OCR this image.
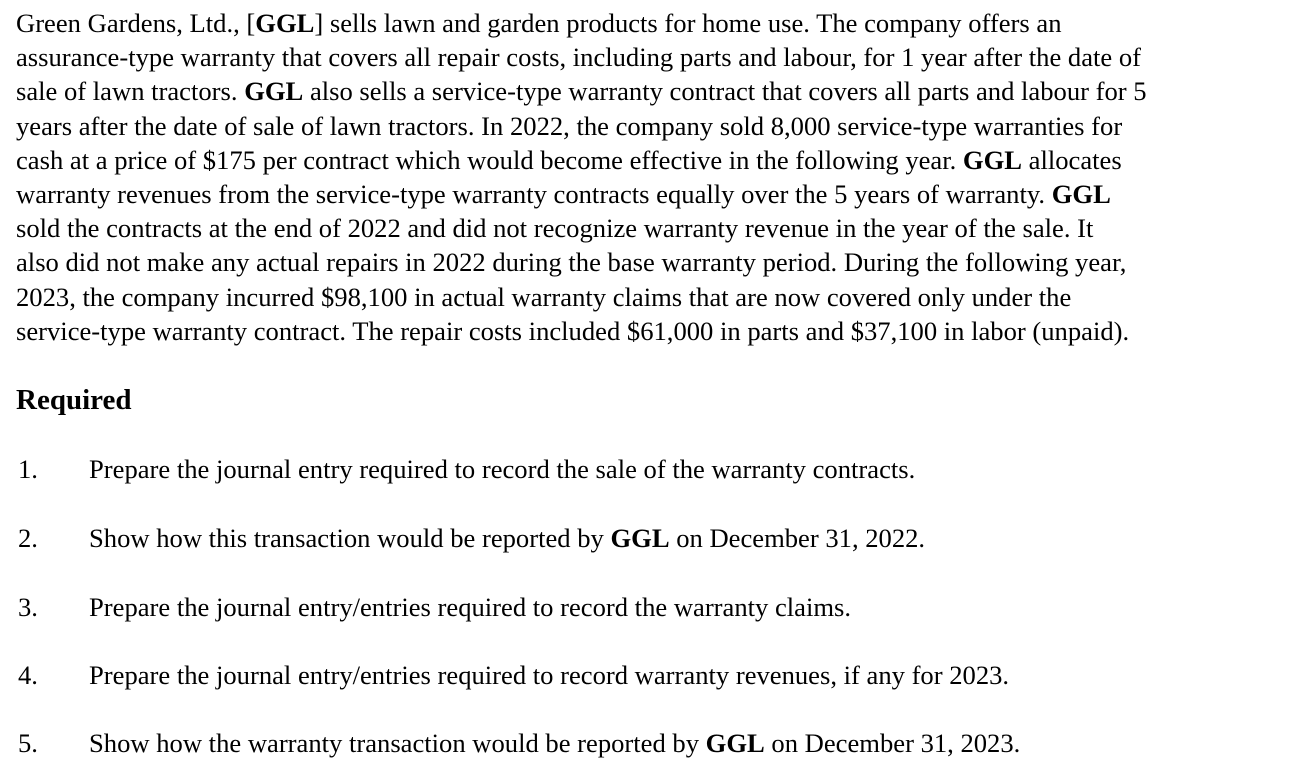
Green Gardens, Ltd., [GGL] sells lawn and garden products for home use. The company offers an
assurance-type warranty that covers all repair costs, including parts and labour, for 1 year after the date of
sale of lawn tractors. GGL also sells a service-type warranty contract that covers all parts and labour for 5
years after the date of sale of lawn tractors. In 2022, the company sold 8,000 service-type warranties for
cash at a price of $175 per contract which would become effective in the following year. GGL allocates
warranty revenues from the service-type warranty contracts equally over the 5 years of warranty. GGL
sold the contracts at the end of 2022 and did not recognize warranty revenue in the year of the sale. It
also did not make any actual repairs in 2022 during the base warranty period. During the following year,
2023, the company incurred $98,100 in actual warranty claims that are now covered only under the
service-type warranty contract. The repair costs included $61,000 in parts and $37,100 in labor (unpaid).

Required
1. Prepare the journal entry required to record the sale of the warranty contracts.
2. Show how this transaction would be reported by GGL on December 31, 2022.
3. Prepare the journal entry/entries required to record the warranty claims.
4. Prepare the journal entry/entries required to record warranty revenues, if any for 2023.
5. Show how the warranty transaction would be reported by GGL on December 31, 2023.
